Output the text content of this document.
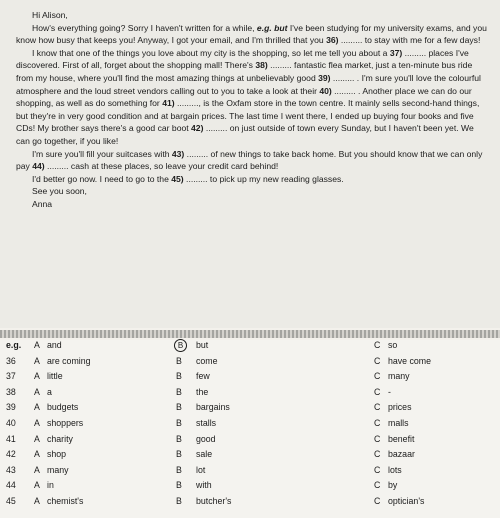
Hi Alison,

How's everything going? Sorry I haven't written for a while, e.g. but I've been studying for my university exams, and you know how busy that keeps you! Anyway, I got your email, and I'm thrilled that you 36) ......... to stay with me for a few days!

I know that one of the things you love about my city is the shopping, so let me tell you about a 37) ......... places I've discovered. First of all, forget about the shopping mall! There's 38) ......... fantastic flea market, just a ten-minute bus ride from my house, where you'll find the most amazing things at unbelievably good 39) ......... . I'm sure you'll love the colourful atmosphere and the loud street vendors calling out to you to take a look at their 40) ......... . Another place we can do our shopping, as well as do something for 41) ........., is the Oxfam store in the town centre. It mainly sells second-hand things, but they're in very good condition and at bargain prices. The last time I went there, I ended up buying four books and five CDs! My brother says there's a good car boot 42) ......... on just outside of town every Sunday, but I haven't been yet. We can go together, if you like!

I'm sure you'll fill your suitcases with 43) ......... of new things to take back home. But you should know that we can only pay 44) ......... cash at these places, so leave your credit card behind!

I'd better go now. I need to go to the 45) ......... to pick up my new reading glasses.

See you soon,

Anna

e.g.	A and	B	but	C so
36	A are coming	B	come	C have come
37	A little	B	few	C many
38	A a	B	the	C -
39	A budgets	B	bargains	C prices
40	A shoppers	B	stalls	C malls
41	A charity	B	good	C benefit
42	A shop	B	sale	C bazaar
43	A many	B	lot	C lots
44	A in	B	with	C by
45	A chemist's	B	butcher's	C optician's
